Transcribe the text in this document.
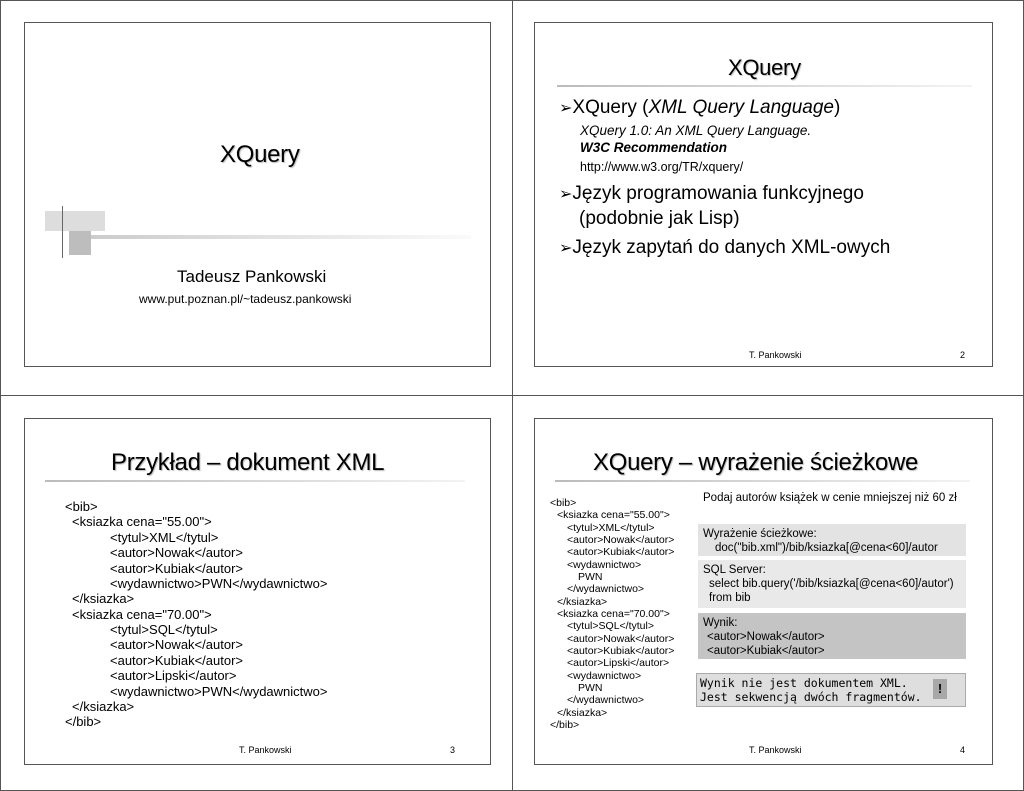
XQuery
Tadeusz Pankowski
www.put.poznan.pl/~tadeusz.pankowski
XQuery
➢XQuery (XML Query Language)
XQuery 1.0: An XML Query Language.
W3C Recommendation
http://www.w3.org/TR/xquery/
➢Język programowania funkcyjnego
(podobnie jak Lisp)
➢Język zapytań do danych XML-owych
T. Pankowski	2
Przykład – dokument XML
<bib>
<ksiazka cena="55.00">
<tytul>XML</tytul>
<autor>Nowak</autor>
<autor>Kubiak</autor>
<wydawnictwo>PWN</wydawnictwo>
</ksiazka>
<ksiazka cena="70.00">
<tytul>SQL</tytul>
<autor>Nowak</autor>
<autor>Kubiak</autor>
<autor>Lipski</autor>
<wydawnictwo>PWN</wydawnictwo>
</ksiazka>
</bib>
T. Pankowski	3
XQuery – wyrażenie ścieżkowe
<bib>
<ksiazka cena="55.00">
<tytul>XML</tytul>
<autor>Nowak</autor>
<autor>Kubiak</autor>
<wydawnictwo>
PWN
</wydawnictwo>
</ksiazka>
<ksiazka cena="70.00">
<tytul>SQL</tytul>
<autor>Nowak</autor>
<autor>Kubiak</autor>
<autor>Lipski</autor>
<wydawnictwo>
PWN
</wydawnictwo>
</ksiazka>
</bib>
Podaj autorów książek w cenie mniejszej niż 60 zł
Wyrażenie ścieżkowe:
doc("bib.xml")/bib/ksiazka[@cena<60]/autor
SQL Server:
select bib.query('/bib/ksiazka[@cena<60]/autor')
from bib
Wynik:
<autor>Nowak</autor>
<autor>Kubiak</autor>
Wynik nie jest dokumentem XML.
Jest sekwencją dwóch fragmentów.
!
T. Pankowski	4
